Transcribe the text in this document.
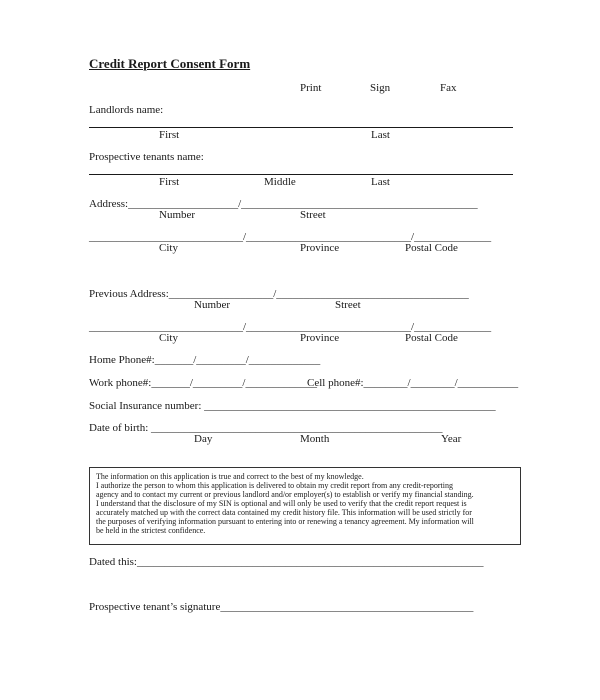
Credit Report Consent Form
Print	Sign	Fax
Landlords name:
First	Last
Prospective tenants name:
First	Middle	Last
Address:____________________/___________________________________________
Number	Street
____________________________/______________________________/______________
City	Province	Postal Code
Previous Address:___________________/___________________________________
Number	Street
____________________________/______________________________/______________
City	Province	Postal Code
Home Phone#:_______/_________/_____________
Work phone#:_______/_________/_____________
Cell phone#:________/________/___________
Social Insurance number: _____________________________________________________
Date of birth: _____________________________________________________
Day	Month	Year
The information on this application is true and correct to the best of my knowledge.
I authorize the person to whom this application is delivered to obtain my credit report from any credit-reporting
agency and to contact my current or previous landlord and/or employer(s) to establish or verify my financial standing.
I understand that the disclosure of my SIN is optional and will only be used to verify that the credit report request is
accurately matched up with the correct data contained my credit history file. This information will be used strictly for
the purposes of verifying information pursuant to entering into or renewing a tenancy agreement. My information will
be held in the strictest confidence.
Dated this:_______________________________________________________________
Prospective tenant’s signature______________________________________________
